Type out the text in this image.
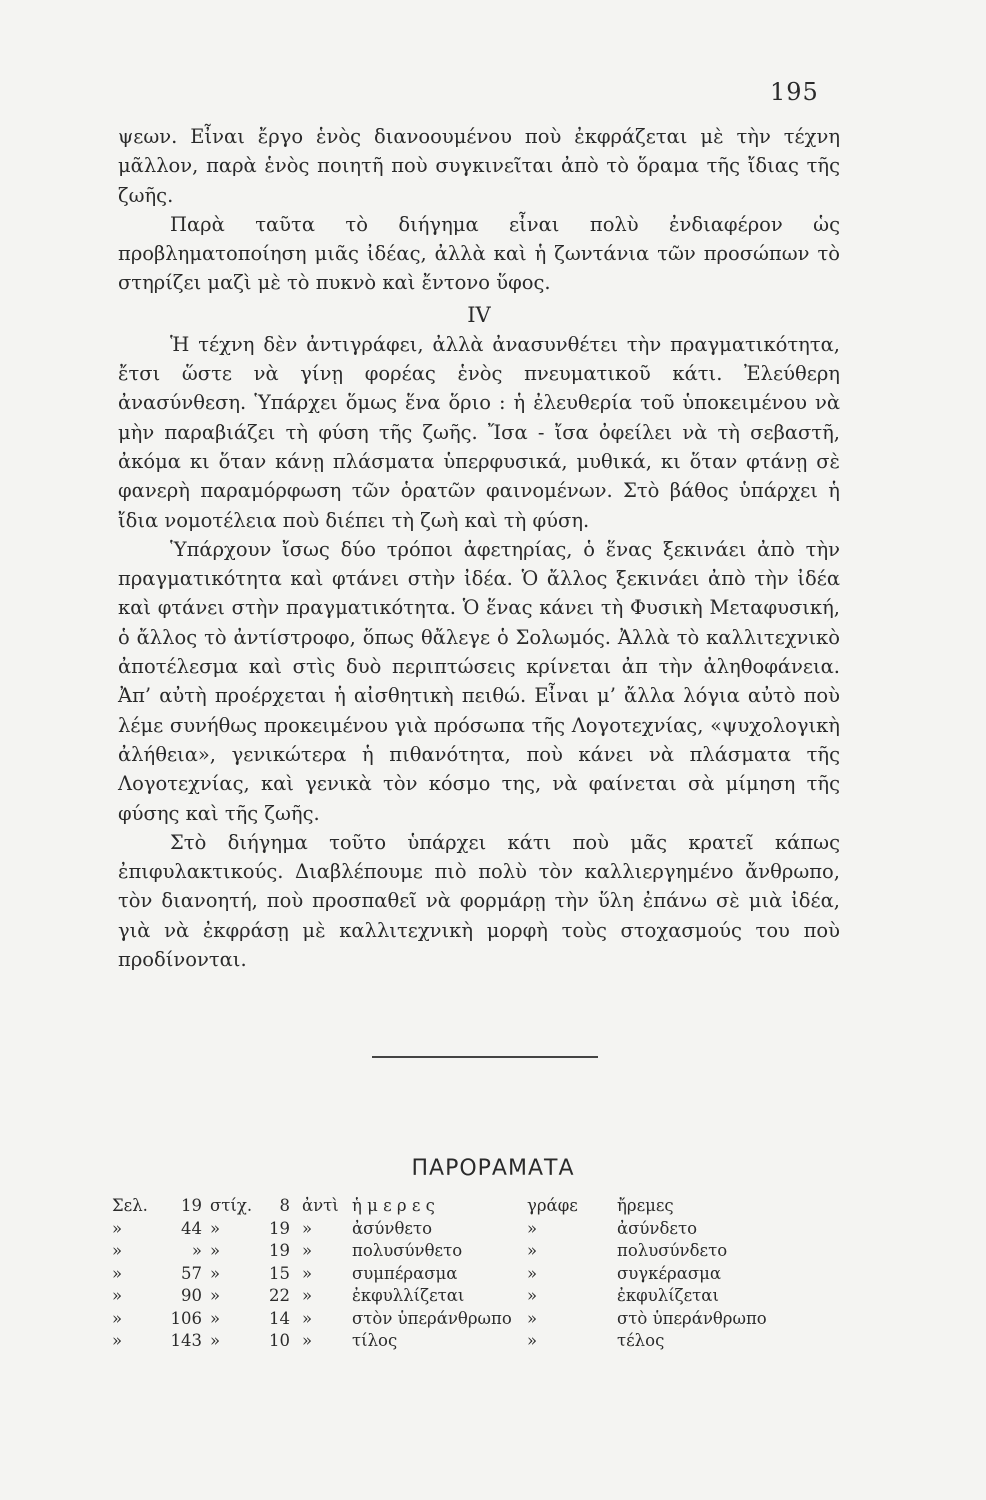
195

ψεων. Εἶναι ἔργο ἑνὸς διανοουμένου ποὺ ἐκφράζεται μὲ τὴν τέχνη μᾶλλον, παρὰ ἑνὸς ποιητῆ ποὺ συγκινεῖται ἀπὸ τὸ ὅραμα τῆς ἴδιας τῆς ζωῆς.

Παρὰ ταῦτα τὸ διήγημα εἶναι πολὺ ἐνδιαφέρον ὡς προβληματοποίηση μιᾶς ἰδέας, ἀλλὰ καὶ ἡ ζωντάνια τῶν προσώπων τὸ στηρίζει μαζὶ μὲ τὸ πυκνὸ καὶ ἔντονο ὕφος.

IV

Ἡ τέχνη δὲν ἀντιγράφει, ἀλλὰ ἀνασυνθέτει τὴν πραγματικότητα, ἔτσι ὥστε νὰ γίνῃ φορέας ἑνὸς πνευματικοῦ κάτι. Ἐλεύθερη ἀνασύνθεση. Ὑπάρχει ὅμως ἕνα ὅριο : ἡ ἐλευθερία τοῦ ὑποκειμένου νὰ μὴν παραβιάζει τὴ φύση τῆς ζωῆς. Ἴσα - ἴσα ὀφείλει νὰ τὴ σεβαστῆ, ἀκόμα κι ὅταν κάνῃ πλάσματα ὑπερφυσικά, μυθικά, κι ὅταν φτάνῃ σὲ φανερὴ παραμόρφωση τῶν ὁρατῶν φαινομένων. Στὸ βάθος ὑπάρχει ἡ ἴδια νομοτέλεια ποὺ διέπει τὴ ζωὴ καὶ τὴ φύση.

Ὑπάρχουν ἴσως δύο τρόποι ἀφετηρίας, ὁ ἕνας ξεκινάει ἀπὸ τὴν πραγματικότητα καὶ φτάνει στὴν ἰδέα. Ὁ ἄλλος ξεκινάει ἀπὸ τὴν ἰδέα καὶ φτάνει στὴν πραγματικότητα. Ὁ ἕνας κάνει τὴ Φυσικὴ Μεταφυσική, ὁ ἄλλος τὸ ἀντίστροφο, ὅπως θἄλεγε ὁ Σολωμός. Ἀλλὰ τὸ καλλιτεχνικὸ ἀποτέλεσμα καὶ στὶς δυὸ περιπτώσεις κρίνεται ἀπ τὴν ἀληθοφάνεια. Ἀπ’ αὐτὴ προέρχεται ἡ αἰσθητικὴ πειθώ. Εἶναι μ’ ἄλλα λόγια αὐτὸ ποὺ λέμε συνήθως προκειμένου γιὰ πρόσωπα τῆς Λογοτεχνίας, «ψυχολογικὴ ἀλήθεια», γενικώτερα ἡ πιθανότητα, ποὺ κάνει νὰ πλάσματα τῆς Λογοτεχνίας, καὶ γενικὰ τὸν κόσμο της, νὰ φαίνεται σὰ μίμηση τῆς φύσης καὶ τῆς ζωῆς.

Στὸ διήγημα τοῦτο ὑπάρχει κάτι ποὺ μᾶς κρατεῖ κάπως ἐπιφυλακτικούς. Διαβλέπουμε πιὸ πολὺ τὸν καλλιεργημένο ἄνθρωπο, τὸν διανοητή, ποὺ προσπαθεῖ νὰ φορμάρῃ τὴν ὕλη ἐπάνω σὲ μιὰ ἰδέα, γιὰ νὰ ἐκφράσῃ μὲ καλλιτεχνικὴ μορφὴ τοὺς στοχασμούς του ποὺ προδίνονται.

ΠΑΡΟΡΑΜΑΤΑ
Σελ.	19 στίχ.	8 ἀντὶ ἡ μ ε ρ ε ς	γράφε ἤρεμες
»	44 »	19 » ἀσύνθετο	»	ἀσύνδετο
»	» »	19 » πολυσύνθετο	»	πολυσύνδετο
»	57 »	15 » συμπέρασμα	»	συγκέρασμα
»	90 »	22 » ἐκφυλλίζεται	»	ἐκφυλίζεται
»	106 »	14 » στὸν ὑπεράνθρωπο »	στὸ ὑπεράνθρωπο
»	143 »	10 » τίλος	»	τέλος
